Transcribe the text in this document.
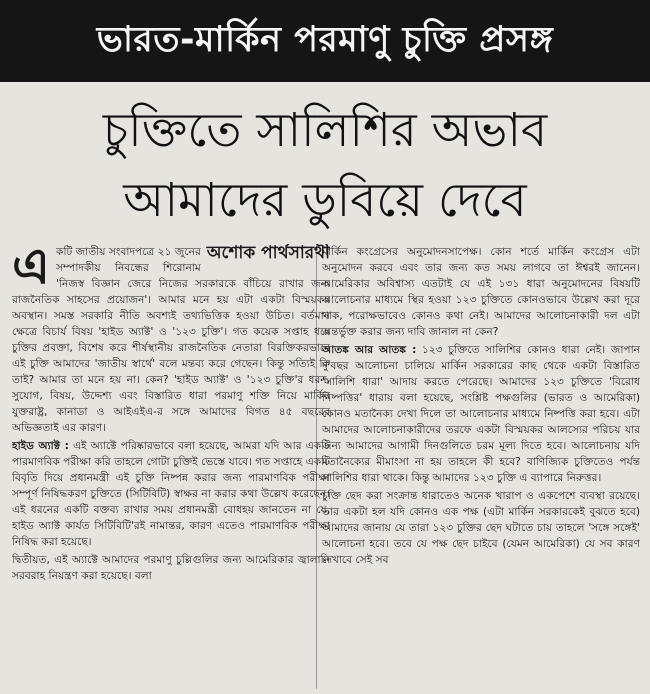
ভারত-মার্কিন পরমাণু চুক্তি প্রসঙ্গ
চুক্তিতে সালিশির অভাব
আমাদের ডুবিয়ে দেবে
অশোক পার্থসারথী

একটি জাতীয় সংবাদপত্রে ২১ জুনের সম্পাদকীয় নিবন্ধের শিরোনাম 'নিজস্ব বিজ্ঞান জেরে নিজের সরকারকে বাঁচিয়ে রাখার জন্য রাজনৈতিক সাহসের প্রয়োজন'। আমার মনে হয় এটা একটা বিস্ময়কর অবস্থান। সমস্ত সরকারি নীতি অবশ্যই তথ্যভিত্তিক হওয়া উচিত। বর্তমান ক্ষেত্রে বিচার্য বিষয় 'হাইড অ্যাক্ট' ও '১২৩ চুক্তি'। গত কয়েক সপ্তাহ ধরে চুক্তির প্রবক্তা, বিশেষ করে শীর্ষস্থানীয় রাজনৈতিক নেতারা বিরক্তিকরভাবে এই চুক্তি আমাদের 'জাতীয় স্বার্থে' বলে মন্তব্য করে গেছেন। কিন্তু সত্যিই কি তাই? আমার তা মনে হয় না। কেন? 'হাইড অ্যাক্ট' ও '১২৩ চুক্তি'র ধরন, সুযোগ, বিষয়, উদ্দেশ্য এবং বিস্তারিত ধারা পরমাণু শক্তি নিয়ে মার্কিন যুক্তরাষ্ট্র, কানাডা ও আইএইএ-র সঙ্গে আমাদের বিগত ৪৫ বছরের অভিজ্ঞতাই এর কারণ।

হাইড অ্যাক্ট : এই অ্যাক্টে পরিষ্কারভাবে বলা হয়েছে, আমরা যদি আর একটি পারমাণবিক পরীক্ষা করি তাহলে গোটা চুক্তিই ভেস্তে যাবে। গত সপ্তাহে একটি বিবৃতি দিয়ে প্রধানমন্ত্রী এই চুক্তি নিষ্পন্ন করার জন্য পারমাণবিক পরীক্ষা সম্পূর্ণ নিষিদ্ধকরণ চুক্তিতে (সিটিবিটি) স্বাক্ষর না করার কথা উল্লেখ করেছেন। এই ধরনের একটি বক্তব্য রাখার সময় প্রধানমন্ত্রী বোধহয় জানতেন না যে, হাইড অ্যাক্ট কার্যত সিটিবিটি'রই নামান্তর, কারণ এতেও পারমাণবিক পরীক্ষা নিষিদ্ধ করা হয়েছে।

দ্বিতীয়ত, এই অ্যাক্টে আমাদের পরমাণু চুল্লিগুলির জন্য আমেরিকার জ্বালানি সরবরাহ নিয়ন্ত্রণ করা হয়েছে। বলা

মার্কিন কংগ্রেসের অনুমোদনসাপেক্ষ। কোন শর্তে মার্কিন কংগ্রেস এটা অনুমোদন করবে এবং তার জন্য কত সময় লাগবে তা ঈশ্বরই জানেন। আমেরিকার অবিশ্বাস্য এতটাই যে এই ১৩১ ধারা অনুমোদনের বিষয়টি আলোচনার মাধ্যমে স্থির হওয়া ১২৩ চুক্তিতে কোনওভাবে উল্লেখ করা দূরে থাক, পরোক্ষভাবেও কোনও কথা নেই। আমাদের আলোচনাকারী দল এটা অন্তর্ভুক্ত করার জন্য দাবি জানাল না কেন?

আতঙ্ক আর আতঙ্ক : ১২৩ চুক্তিতে সালিশির কোনও ধারা নেই। জাপান দু'বছর আলোচনা চালিয়ে মার্কিন সরকারের কাছ থেকে একটা বিস্তারিত 'সালিশি ধারা' আদায় করতে পেরেছে। আমাদের ১২৩ চুক্তিতে 'বিরোধ নিষ্পত্তির' ধারায় বলা হয়েছে, সংশ্লিষ্ট পক্ষগুলির (ভারত ও আমেরিকা) কোনও মতানৈক্য দেখা দিলে তা আলোচনার মাধ্যমে নিষ্পত্তি করা হবে। এটা আমাদের আলোচনাকারীদের তরফে একটা বিস্ময়কর আলস্যের পরিচয় যার জন্য আমাদের আগামী দিনগুলিতে চরম মূল্য দিতে হবে। আলোচনায় যদি মতানৈক্যের মীমাংসা না হয় তাহলে কী হবে? বাণিজ্যিক চুক্তিতেও পর্যন্ত সালিশির ধারা থাকে। কিন্তু আমাদের ১২৩ চুক্তি এ ব্যাপারে নিরুত্তর।

চুক্তি ছেদ করা সংক্রান্ত ধারাতেও অনেক খারাপ ও একপেশে ব্যবস্থা রয়েছে। তার একটা হল যদি কোনও এক পক্ষ (এটা মার্কিন সরকারকেই বুঝতে হবে) আমাদের জানায় যে তারা ১২৩ চুক্তির ছেদ ঘটাতে চায় তাহলে 'সঙ্গে সঙ্গেই' আলোচনা হবে। তবে যে পক্ষ ছেদ চাইবে (যেমন আমেরিকা) যে সব কারণ দেখাবে সেই সব
